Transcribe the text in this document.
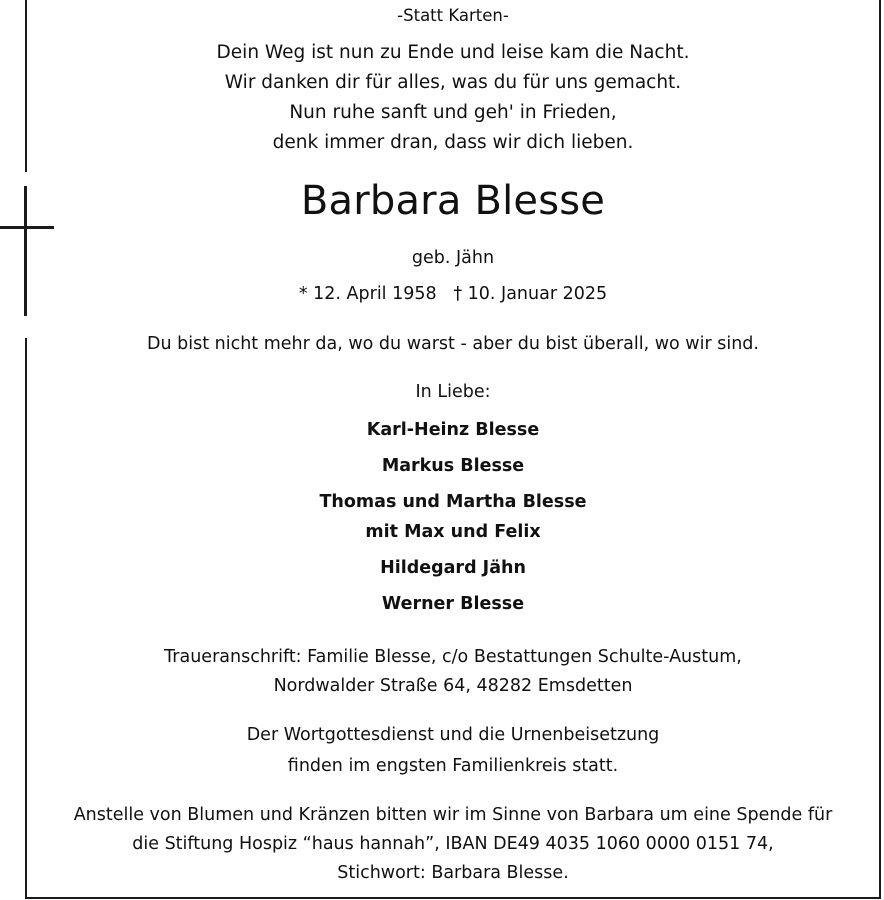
-Statt Karten-
Dein Weg ist nun zu Ende und leise kam die Nacht.
Wir danken dir für alles, was du für uns gemacht.
Nun ruhe sanft und geh' in Frieden,
denk immer dran, dass wir dich lieben.
Barbara Blesse
geb. Jähn
* 12. April 1958   † 10. Januar 2025
Du bist nicht mehr da, wo du warst - aber du bist überall, wo wir sind.
In Liebe:
Karl-Heinz Blesse
Markus Blesse
Thomas und Martha Blesse
mit Max und Felix
Hildegard Jähn
Werner Blesse
Traueranschrift: Familie Blesse, c/o Bestattungen Schulte-Austum,
Nordwalder Straße 64, 48282 Emsdetten
Der Wortgottesdienst und die Urnenbeisetzung
finden im engsten Familienkreis statt.
Anstelle von Blumen und Kränzen bitten wir im Sinne von Barbara um eine Spende für
die Stiftung Hospiz “haus hannah”, IBAN DE49 4035 1060 0000 0151 74,
Stichwort: Barbara Blesse.
